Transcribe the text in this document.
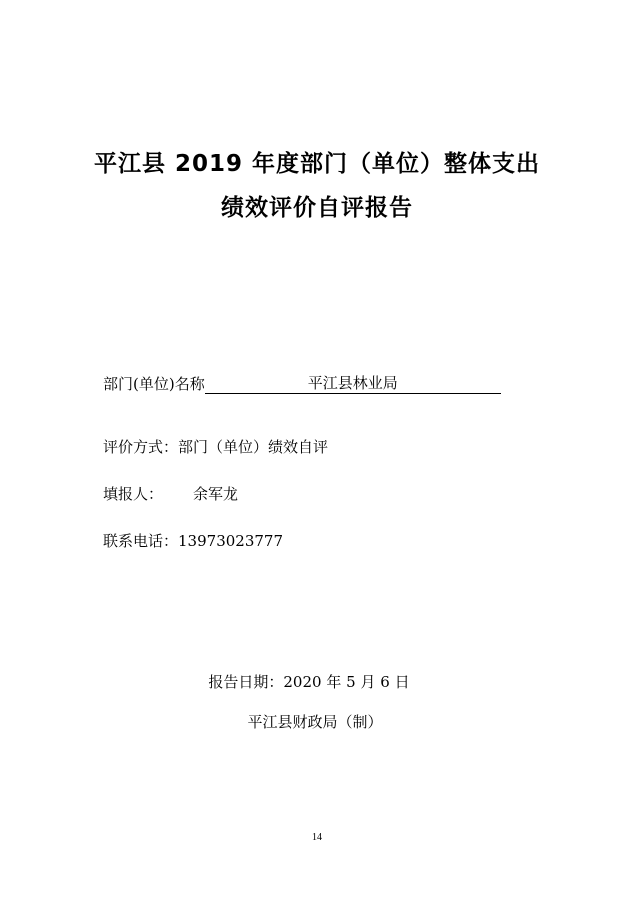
平江县 2019 年度部门（单位）整体支出
绩效评价自评报告
部门(单位)名称	平江县林业局
评价方式：部门（单位）绩效自评
填报人： 余军龙
联系电话：13973023777
报告日期：2020 年 5 月 6 日
平江县财政局（制）
14
